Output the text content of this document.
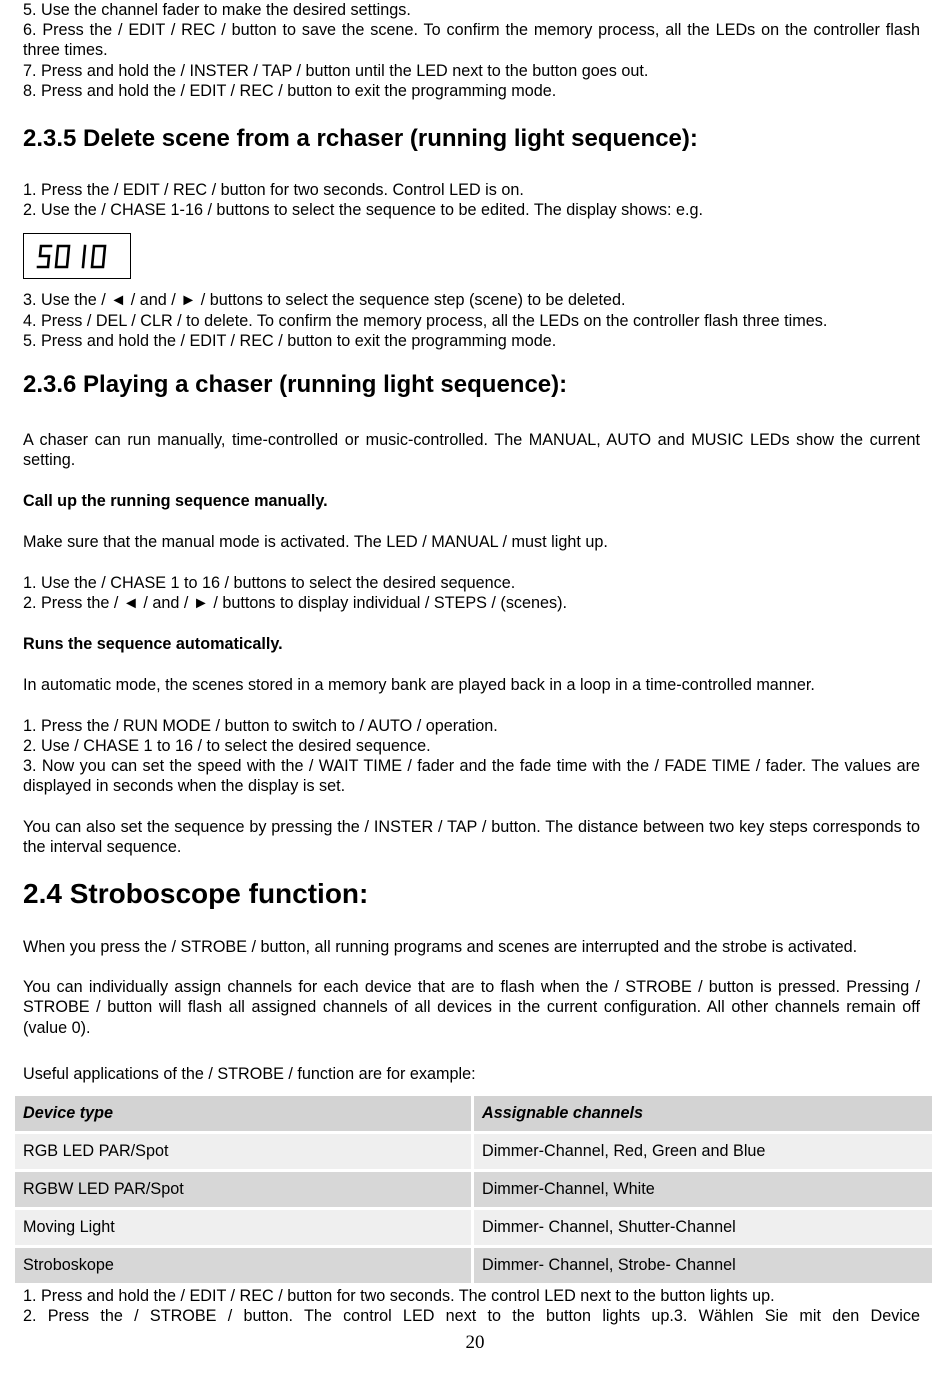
5. Use the channel fader to make the desired settings.

6. Press the / EDIT / REC / button to save the scene. To confirm the memory process, all the LEDs on the controller flash three times.

7. Press and hold the / INSTER / TAP / button until the LED next to the button goes out.

8. Press and hold the / EDIT / REC / button to exit the programming mode.

2.3.5 Delete scene from a rchaser (running light sequence):

1. Press the / EDIT / REC / button for two seconds. Control LED is on.

2. Use the / CHASE 1-16 / buttons to select the sequence to be edited. The display shows: e.g.

3. Use the / ◄ / and / ► / buttons to select the sequence step (scene) to be deleted.

4. Press / DEL / CLR / to delete. To confirm the memory process, all the LEDs on the controller flash three times.

5. Press and hold the / EDIT / REC / button to exit the programming mode.

2.3.6 Playing a chaser (running light sequence):

A chaser can run manually, time-controlled or music-controlled. The MANUAL, AUTO and MUSIC LEDs show the current setting.

Call up the running sequence manually.

Make sure that the manual mode is activated. The LED / MANUAL / must light up.

1. Use the / CHASE 1 to 16 / buttons to select the desired sequence.

2. Press the / ◄ / and / ► / buttons to display individual / STEPS / (scenes).

Runs the sequence automatically.

In automatic mode, the scenes stored in a memory bank are played back in a loop in a time-controlled manner.

1. Press the / RUN MODE / button to switch to / AUTO / operation.

2. Use / CHASE 1 to 16 / to select the desired sequence.

3. Now you can set the speed with the / WAIT TIME / fader and the fade time with the / FADE TIME / fader. The values are displayed in seconds when the display is set.

You can also set the sequence by pressing the / INSTER / TAP / button. The distance between two key steps corresponds to the interval sequence.

2.4 Stroboscope function:

When you press the / STROBE / button, all running programs and scenes are interrupted and the strobe is activated.

You can individually assign channels for each device that are to flash when the / STROBE / button is pressed. Pressing / STROBE / button will flash all assigned channels of all devices in the current configuration. All other channels remain off (value 0).

Useful applications of the / STROBE / function are for example:

1. Press and hold the / EDIT / REC / button for two seconds. The control LED next to the button lights up.

2. Press the / STROBE / button. The control LED next to the button lights up.3. Wählen Sie mit den Device

Device type	Assignable channels
RGB LED PAR/Spot	Dimmer-Channel, Red, Green and Blue
RGBW LED PAR/Spot	Dimmer-Channel, White
Moving Light	Dimmer- Channel, Shutter-Channel
Stroboskope	Dimmer- Channel, Strobe- Channel
20
